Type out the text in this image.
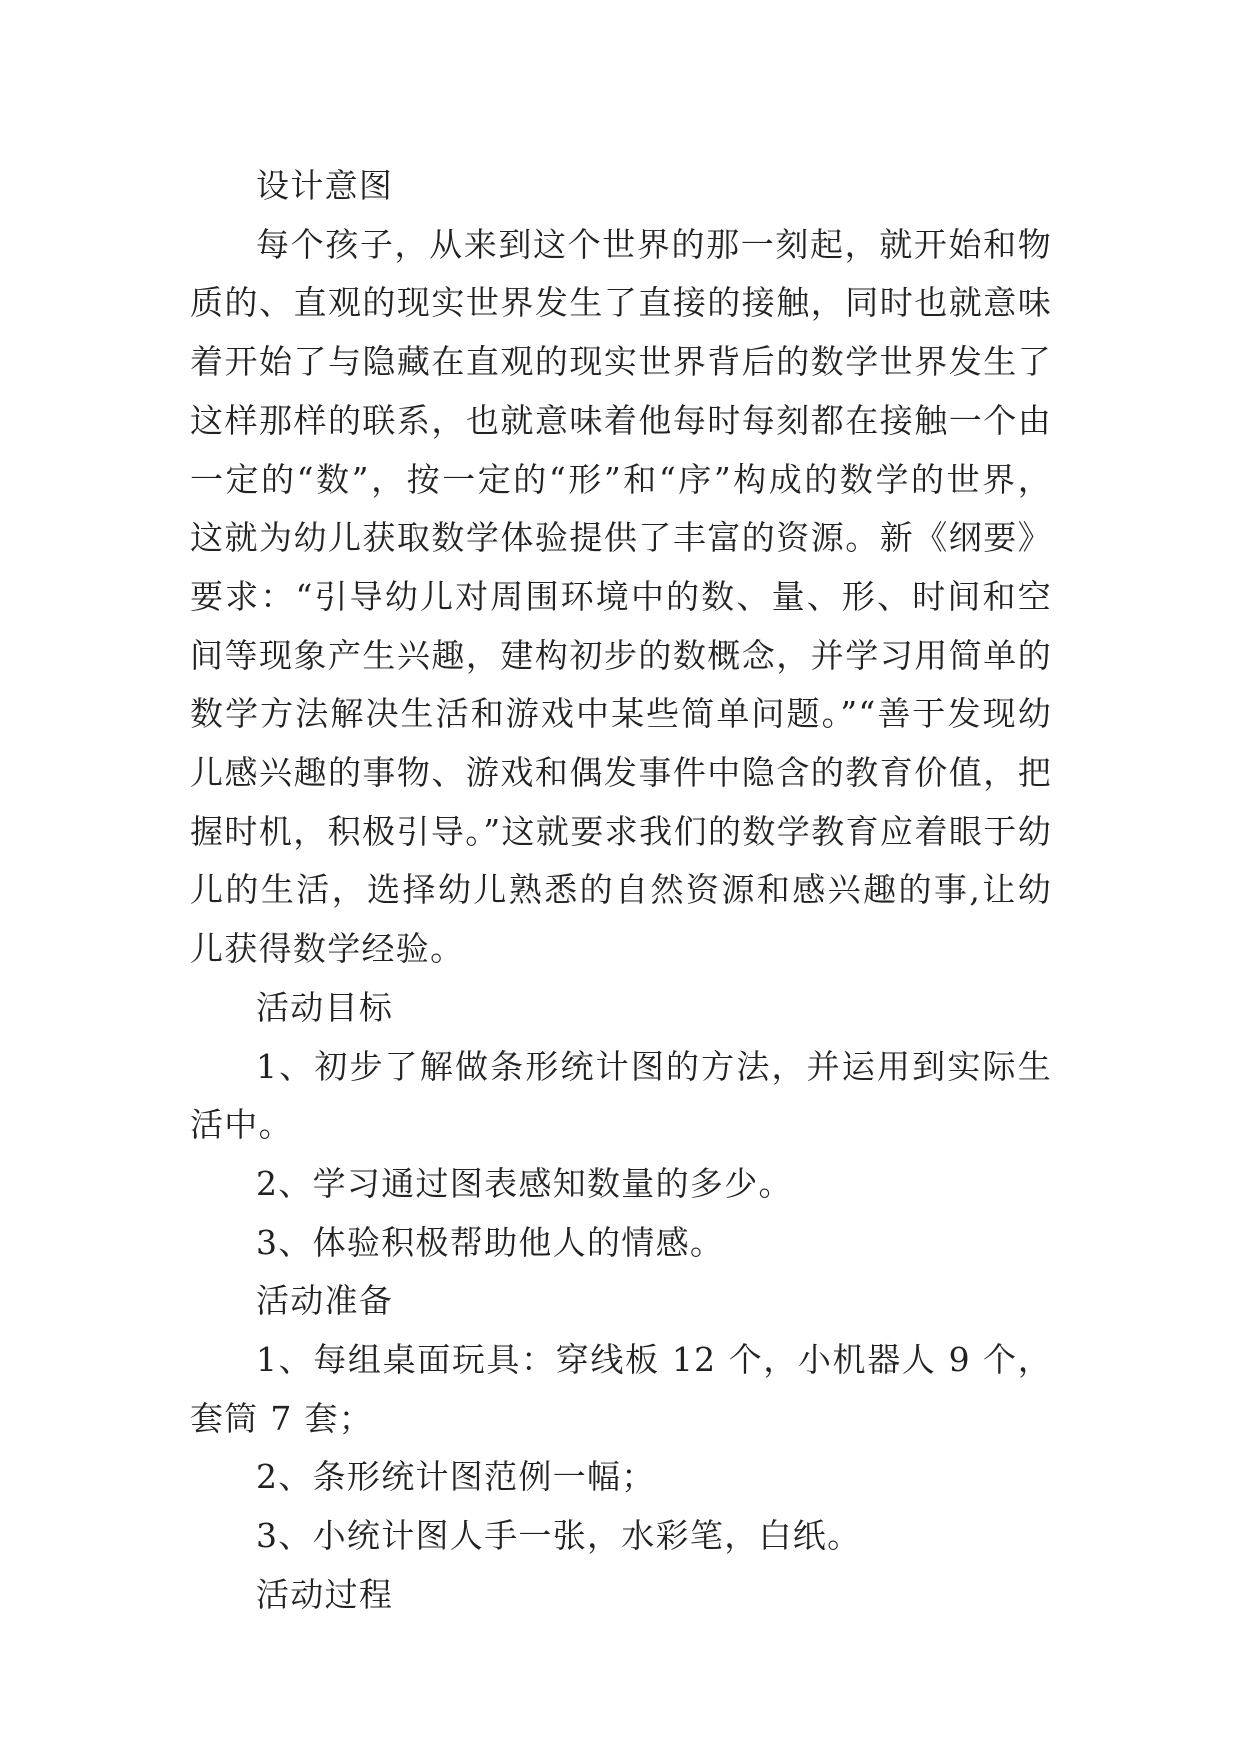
设计意图

每个孩子，从来到这个世界的那一刻起，就开始和物质的、直观的现实世界发生了直接的接触，同时也就意味着开始了与隐藏在直观的现实世界背后的数学世界发生了这样那样的联系，也就意味着他每时每刻都在接触一个由一定的“数”，按一定的“形”和“序”构成的数学的世界，这就为幼儿获取数学体验提供了丰富的资源。新《纲要》要求：“引导幼儿对周围环境中的数、量、形、时间和空间等现象产生兴趣，建构初步的数概念，并学习用简单的数学方法解决生活和游戏中某些简单问题。”“善于发现幼儿感兴趣的事物、游戏和偶发事件中隐含的教育价值，把握时机，积极引导。”这就要求我们的数学教育应着眼于幼儿的生活，选择幼儿熟悉的自然资源和感兴趣的事,让幼儿获得数学经验。

活动目标

1、初步了解做条形统计图的方法，并运用到实际生活中。

2、学习通过图表感知数量的多少。

3、体验积极帮助他人的情感。

活动准备

1、每组桌面玩具：穿线板 12 个，小机器人 9 个，套筒 7 套；

2、条形统计图范例一幅；

3、小统计图人手一张，水彩笔，白纸。

活动过程
